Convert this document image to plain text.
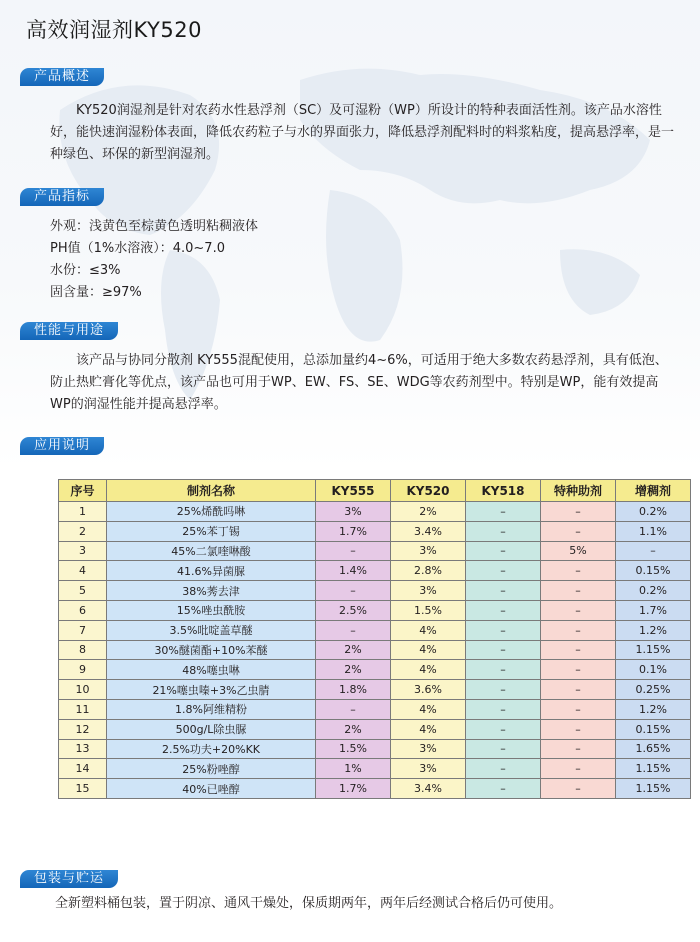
高效润湿剂KY520
产品概述
KY520润湿剂是针对农药水性悬浮剂（SC）及可湿粉（WP）所设计的特种表面活性剂。该产品水溶性好，能快速润湿粉体表面，降低农药粒子与水的界面张力，降低悬浮剂配料时的料浆粘度，提高悬浮率，是一种绿色、环保的新型润湿剂。
产品指标
外观：浅黄色至棕黄色透明粘稠液体
PH值（1%水溶液）：4.0~7.0
水份：≤3%
固含量：≥97%
性能与用途
该产品与协同分散剂 KY555混配使用，总添加量约4~6%，可适用于绝大多数农药悬浮剂，具有低泡、防止热贮膏化等优点，该产品也可用于WP、EW、FS、SE、WDG等农药剂型中。特别是WP，能有效提高WP的润湿性能并提高悬浮率。
应用说明
序号	制剂名称	KY555	KY520	KY518	特种助剂	增稠剂
1	25%烯酰吗啉	3%	2%	–	–	0.2%
2	25%苯丁锡	1.7%	3.4%	–	–	1.1%
3	45%二氯喹啉酸	–	3%	–	5%	–
4	41.6%异菌脲	1.4%	2.8%	–	–	0.15%
5	38%莠去津	–	3%	–	–	0.2%
6	15%唑虫酰胺	2.5%	1.5%	–	–	1.7%
7	3.5%吡啶盖草醚	–	4%	–	–	1.2%
8	30%醚菌酯+10%苯醚	2%	4%	–	–	1.15%
9	48%噻虫啉	2%	4%	–	–	0.1%
10	21%噻虫嗪+3%乙虫腈	1.8%	3.6%	–	–	0.25%
11	1.8%阿维精粉	–	4%	–	–	1.2%
12	500g/L除虫脲	2%	4%	–	–	0.15%
13	2.5%功夫+20%KK	1.5%	3%	–	–	1.65%
14	25%粉唑醇	1%	3%	–	–	1.15%
15	40%已唑醇	1.7%	3.4%	–	–	1.15%
包装与贮运
全新塑料桶包装，置于阴凉、通风干燥处，保质期两年，两年后经测试合格后仍可使用。
